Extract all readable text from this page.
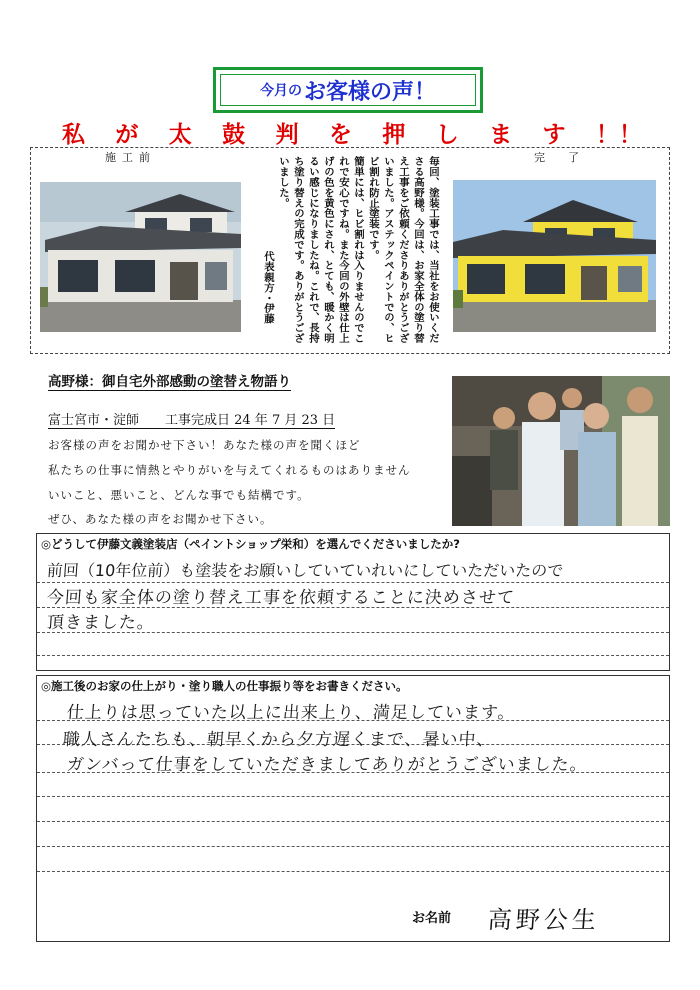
今月の お客様の声！
私 が 太 鼓 判 を 押 し ま す ！！
施工前	毎回、塗装工事では、当社をお使いくださる高野様。今回は、お家全体の塗り替え工事をご依頼くださりありがとうございました。アステックペイントでの、ヒビ割れ防止塗装です。

簡単には、ヒビ割れは入りませんのでこれで安心ですね。また今回の外壁は仕上げの色を黄色にされ、とても、暖かく明るい感じになりましたね。これで、長持ち塗り替えの完成です。ありがとうございました。

代表親方・伊藤

完　了
高野様：御自宅外部感動の塗替え物語り
富士宮市・淀師　　工事完成日 24 年 7 月 23 日
お客様の声をお聞かせ下さい！あなた様の声を聞くほど
私たちの仕事に情熱とやりがいを与えてくれるものはありません
いいこと、悪いこと、どんな事でも結構です。
ぜひ、あなた様の声をお聞かせ下さい。
◎どうして伊藤文義塗装店（ペイントショップ栄和）を選んでくださいましたか?
前回（10年位前）も塗装をお願いしていていれいにしていただいたので
今回も家全体の塗り替え工事を依頼することに決めさせて
頂きました。
◎施工後のお家の仕上がり・塗り職人の仕事振り等をお書きください。
仕上りは思っていた以上に出来上り、満足しています。
職人さんたちも、朝早くから夕方遅くまで、暑い中、
ガンバって仕事をしていただきましてありがとうございました。
お名前 高野公生
